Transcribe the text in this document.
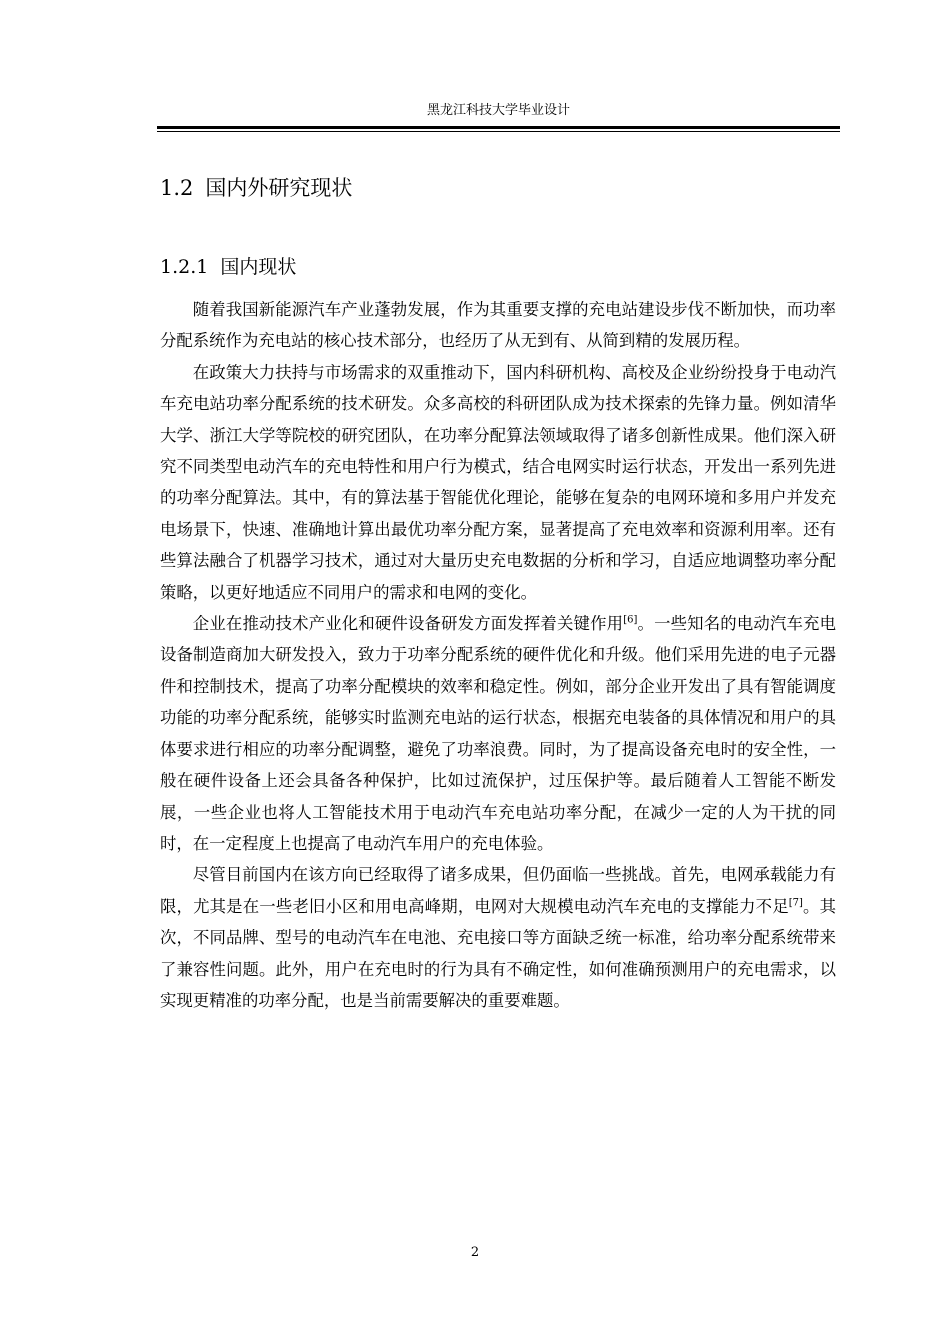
黑龙江科技大学毕业设计
1.2 国内外研究现状
1.2.1 国内现状

随着我国新能源汽车产业蓬勃发展，作为其重要支撑的充电站建设步伐不断加快，而功率分配系统作为充电站的核心技术部分，也经历了从无到有、从简到精的发展历程。

在政策大力扶持与市场需求的双重推动下，国内科研机构、高校及企业纷纷投身于电动汽车充电站功率分配系统的技术研发。众多高校的科研团队成为技术探索的先锋力量。例如清华大学、浙江大学等院校的研究团队，在功率分配算法领域取得了诸多创新性成果。他们深入研究不同类型电动汽车的充电特性和用户行为模式，结合电网实时运行状态，开发出一系列先进的功率分配算法。其中，有的算法基于智能优化理论，能够在复杂的电网环境和多用户并发充电场景下，快速、准确地计算出最优功率分配方案，显著提高了充电效率和资源利用率。还有些算法融合了机器学习技术，通过对大量历史充电数据的分析和学习，自适应地调整功率分配策略，以更好地适应不同用户的需求和电网的变化。

企业在推动技术产业化和硬件设备研发方面发挥着关键作用[6]。一些知名的电动汽车充电设备制造商加大研发投入，致力于功率分配系统的硬件优化和升级。他们采用先进的电子元器件和控制技术，提高了功率分配模块的效率和稳定性。例如，部分企业开发出了具有智能调度功能的功率分配系统，能够实时监测充电站的运行状态，根据充电装备的具体情况和用户的具体要求进行相应的功率分配调整，避免了功率浪费。同时，为了提高设备充电时的安全性，一般在硬件设备上还会具备各种保护，比如过流保护，过压保护等。最后随着人工智能不断发展，一些企业也将人工智能技术用于电动汽车充电站功率分配，在减少一定的人为干扰的同时，在一定程度上也提高了电动汽车用户的充电体验。

尽管目前国内在该方向已经取得了诸多成果，但仍面临一些挑战。首先，电网承载能力有限，尤其是在一些老旧小区和用电高峰期，电网对大规模电动汽车充电的支撑能力不足[7]。其次，不同品牌、型号的电动汽车在电池、充电接口等方面缺乏统一标准，给功率分配系统带来了兼容性问题。此外，用户在充电时的行为具有不确定性，如何准确预测用户的充电需求，以实现更精准的功率分配，也是当前需要解决的重要难题。

2
